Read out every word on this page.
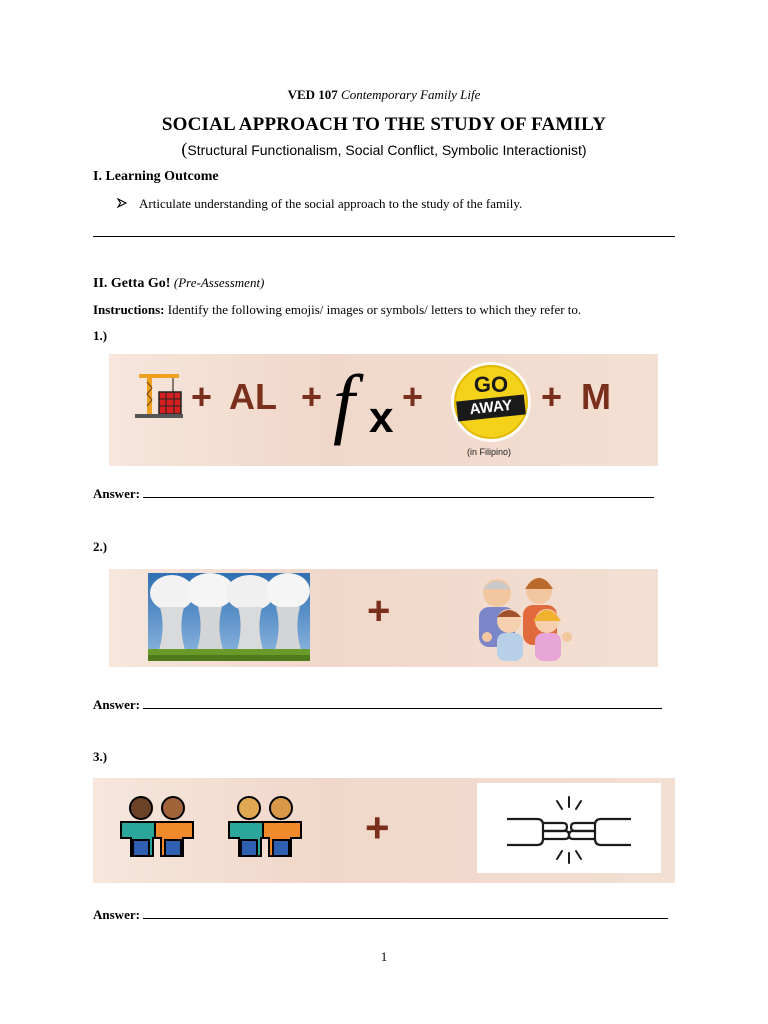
VED 107 Contemporary Family Life
SOCIAL APPROACH TO THE STUDY OF FAMILY
(Structural Functionalism, Social Conflict, Symbolic Interactionist)
I. Learning Outcome
Articulate understanding of the social approach to the study of the family.
II. Getta Go! (Pre-Assessment)
Instructions: Identify the following emojis/ images or symbols/ letters to which they refer to.
1.)
+ AL + f x +	GO
AWAY
(in Filipino)
+ M
Answer:
2.)
+
Answer:
3.)
+
Answer:
1
